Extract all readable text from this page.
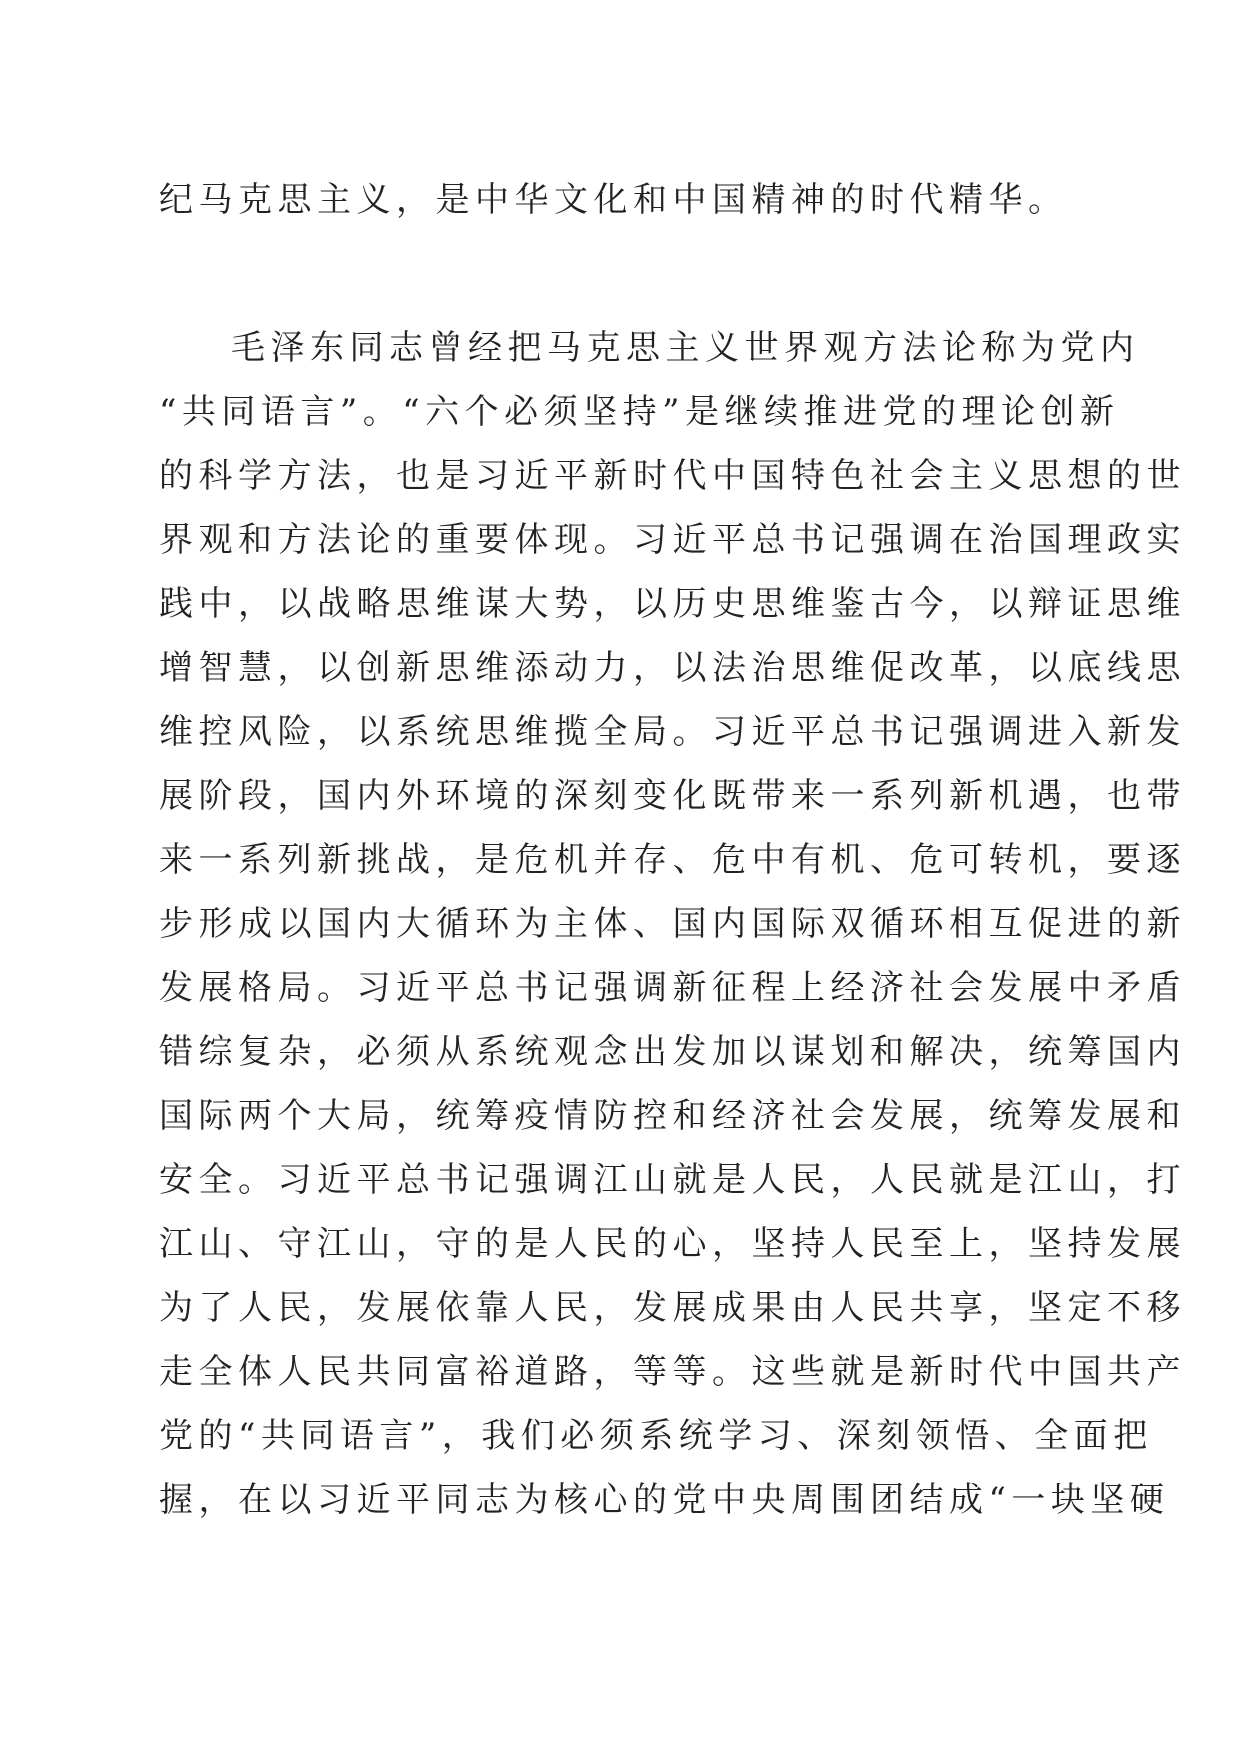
纪马克思主义，是中华文化和中国精神的时代精华。
毛泽东同志曾经把马克思主义世界观方法论称为党内
“共同语言”。“六个必须坚持”是继续推进党的理论创新
的科学方法，也是习近平新时代中国特色社会主义思想的世
界观和方法论的重要体现。习近平总书记强调在治国理政实
践中，以战略思维谋大势，以历史思维鉴古今，以辩证思维
增智慧，以创新思维添动力，以法治思维促改革，以底线思
维控风险，以系统思维揽全局。习近平总书记强调进入新发
展阶段，国内外环境的深刻变化既带来一系列新机遇，也带
来一系列新挑战，是危机并存、危中有机、危可转机，要逐
步形成以国内大循环为主体、国内国际双循环相互促进的新
发展格局。习近平总书记强调新征程上经济社会发展中矛盾
错综复杂，必须从系统观念出发加以谋划和解决，统筹国内
国际两个大局，统筹疫情防控和经济社会发展，统筹发展和
安全。习近平总书记强调江山就是人民，人民就是江山，打
江山、守江山，守的是人民的心，坚持人民至上，坚持发展
为了人民，发展依靠人民，发展成果由人民共享，坚定不移
走全体人民共同富裕道路，等等。这些就是新时代中国共产
党的“共同语言”，我们必须系统学习、深刻领悟、全面把
握，在以习近平同志为核心的党中央周围团结成“一块坚硬
